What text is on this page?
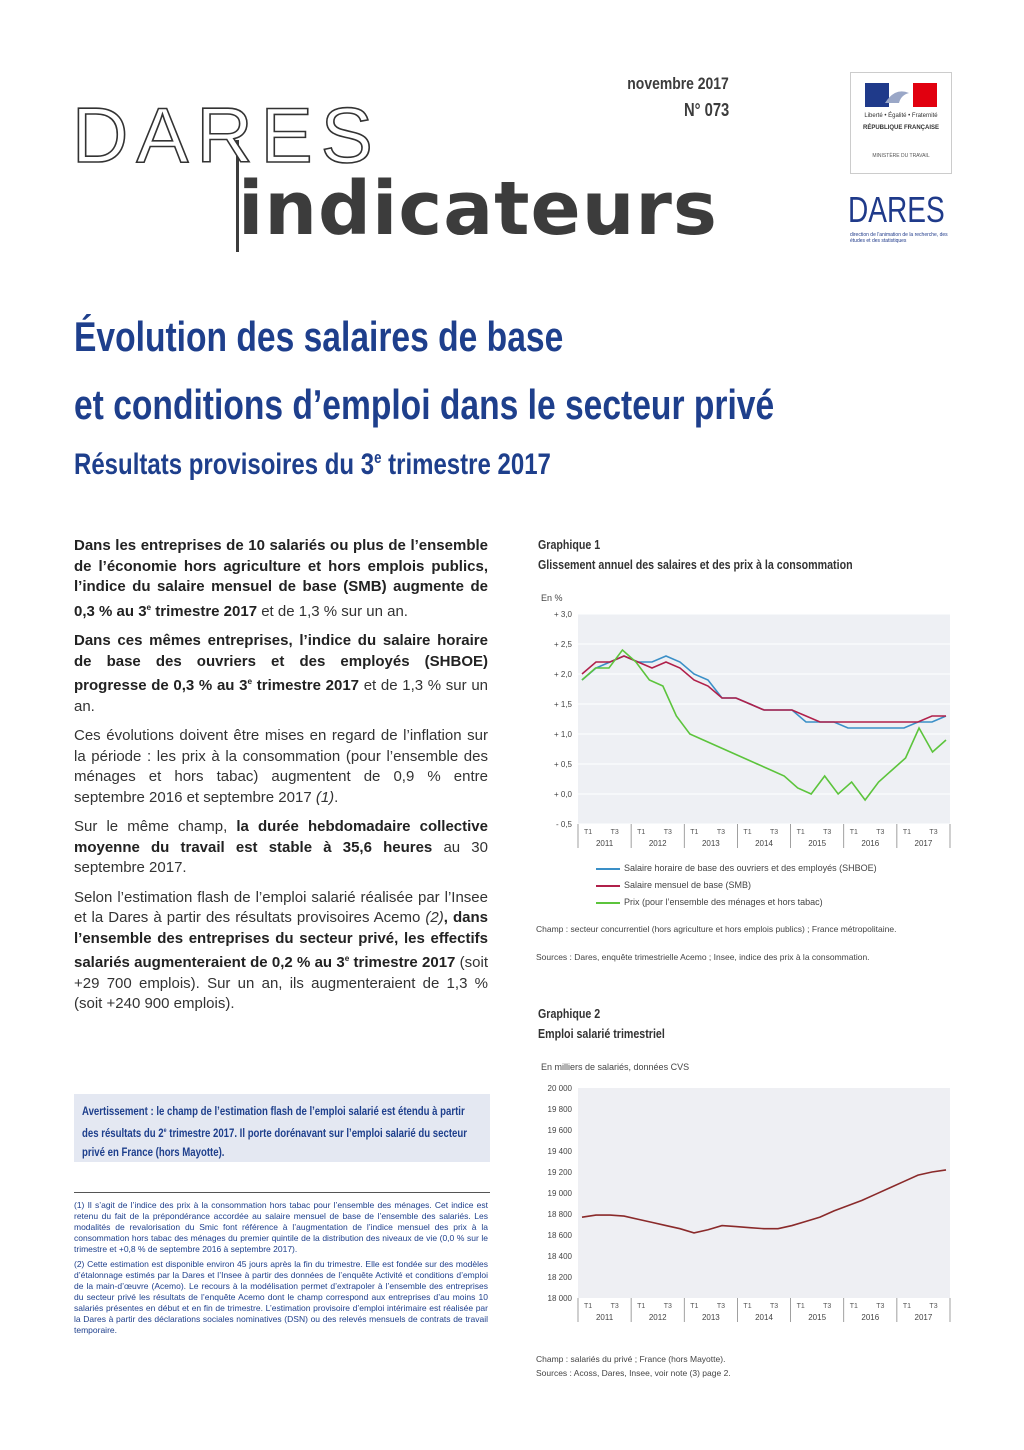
DARES
indicateurs
novembre 2017
N° 073	Liberté • Égalité • Fraternité
RÉPUBLIQUE FRANÇAISE
MINISTÈRE DU TRAVAIL
DARES
direction de l'animation de la recherche, des études et des statistiques
Évolution des salaires de base
et conditions d’emploi dans le secteur privé
Résultats provisoires du 3e trimestre 2017

Dans les entreprises de 10 salariés ou plus de l’ensemble de l’économie hors agriculture et hors emplois publics, l’indice du salaire mensuel de base (SMB) augmente de 0,3 % au 3e trimestre 2017 et de 1,3 % sur un an.

Dans ces mêmes entreprises, l’indice du salaire horaire de base des ouvriers et des employés (SHBOE) progresse de 0,3 % au 3e trimestre 2017 et de 1,3 % sur un an.

Ces évolutions doivent être mises en regard de l’inflation sur la période : les prix à la consommation (pour l’ensemble des ménages et hors tabac) augmentent de 0,9 % entre septembre 2016 et septembre 2017 (1).

Sur le même champ, la durée hebdomadaire collective moyenne du travail est stable à 35,6 heures au 30 septembre 2017.

Selon l’estimation flash de l’emploi salarié réalisée par l’Insee et la Dares à partir des résultats provisoires Acemo (2), dans l’ensemble des entreprises du secteur privé, les effectifs salariés augmenteraient de 0,2 % au 3e trimestre 2017 (soit +29 700 emplois). Sur un an, ils augmenteraient de 1,3 % (soit +240 900 emplois).

Avertissement : le champ de l’estimation flash de l’emploi salarié est étendu à partir
des résultats du 2e trimestre 2017. Il porte dorénavant sur l’emploi salarié du secteur
privé en France (hors Mayotte).

(1) Il s’agit de l’indice des prix à la consommation hors tabac pour l’ensemble des ménages. Cet indice est retenu du fait de la prépondérance accordée au salaire mensuel de base de l’ensemble des salariés. Les modalités de revalorisation du Smic font référence à l’augmentation de l’indice mensuel des prix à la consommation hors tabac des ménages du premier quintile de la distribution des niveaux de vie (0,0 % sur le trimestre et +0,8 % de septembre 2016 à septembre 2017).

(2) Cette estimation est disponible environ 45 jours après la fin du trimestre. Elle est fondée sur des modèles d’étalonnage estimés par la Dares et l’Insee à partir des données de l’enquête Activité et conditions d’emploi de la main-d’œuvre (Acemo). Le recours à la modélisation permet d’extrapoler à l’ensemble des entreprises du secteur privé les résultats de l’enquête Acemo dont le champ correspond aux entreprises d’au moins 10 salariés présentes en début et en fin de trimestre. L’estimation provisoire d’emploi intérimaire est réalisée par la Dares à partir des déclarations sociales nominatives (DSN) ou des relevés mensuels de contrats de travail temporaire.

Graphique 1
Glissement annuel des salaires et des prix à la consommation
En %
- 0,5
+ 0,0
+ 0,5
+ 1,0
+ 1,5
+ 2,0
+ 2,5
+ 3,0
T1	T3
2011
T1	T3
2012
T1	T3
2013
T1	T3
2014
T1	T3
2015
T1	T3
2016
T1	T3
2017
Salaire horaire de base des ouvriers et des employés (SHBOE)
Salaire mensuel de base (SMB)
Prix (pour l’ensemble des ménages et hors tabac)
Champ : secteur concurrentiel (hors agriculture et hors emplois publics) ; France métropolitaine.
Sources : Dares, enquête trimestrielle Acemo ; Insee, indice des prix à la consommation.
Graphique 2
Emploi salarié trimestriel
En milliers de salariés, données CVS
18 000
18 200
18 400
18 600
18 800
19 000
19 200
19 400
19 600
19 800
20 000
T1	T3
2011
T1	T3
2012
T1	T3
2013
T1	T3
2014
T1	T3
2015
T1	T3
2016
T1	T3
2017
Champ : salariés du privé ; France (hors Mayotte).
Sources : Acoss, Dares, Insee, voir note (3) page 2.
